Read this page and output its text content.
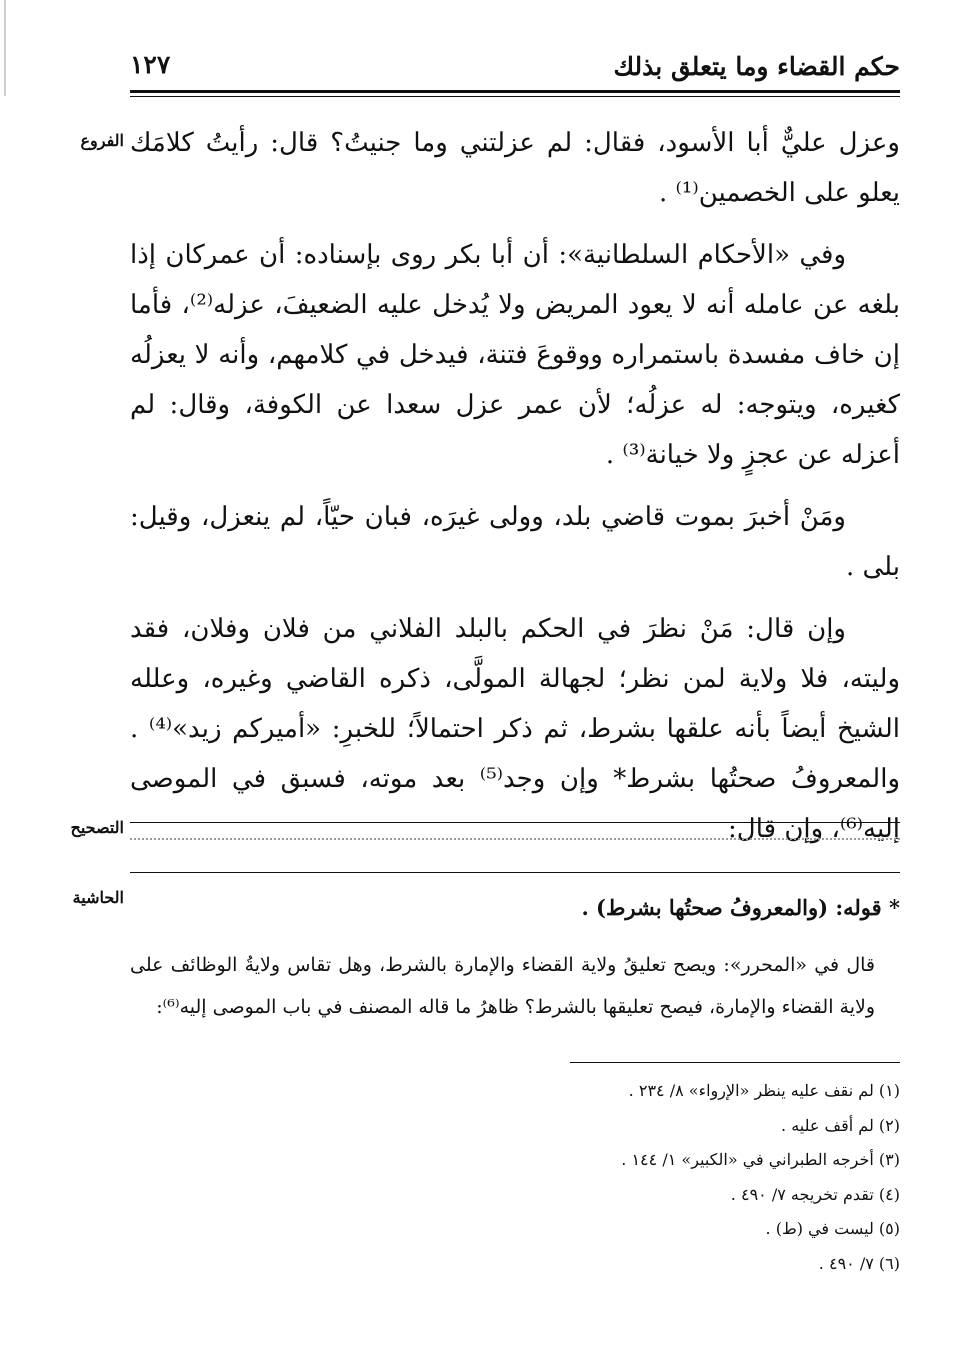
حكم القضاء وما يتعلق بذلك
١٢٧
الفروع وعزل عليٌّ أبا الأسود، فقال: لم عزلتني وما جنيتُ؟ قال: رأيتُ كلامَك يعلو على الخصمين⁽¹⁾ .

وفي «الأحكام السلطانية»: أن أبا بكر روى بإسناده: أن عمركان إذا بلغه عن عامله أنه لا يعود المريض ولا يُدخل عليه الضعيفَ، عزله⁽²⁾، فأما إن خاف مفسدة باستمراره ووقوعَ فتنة، فيدخل في كلامهم، وأنه لا يعزلُه كغيره، ويتوجه: له عزلُه؛ لأن عمر عزل سعدا عن الكوفة، وقال: لم أعزله عن عجزٍ ولا خيانة⁽³⁾ .

ومَنْ أخبرَ بموت قاضي بلد، وولى غيرَه، فبان حيّاً، لم ينعزل، وقيل: بلى .

وإن قال: مَنْ نظرَ في الحكم بالبلد الفلاني من فلان وفلان، فقد وليته، فلا ولاية لمن نظر؛ لجهالة المولَّى، ذكره القاضي وغيره، وعلله الشيخ أيضاً بأنه علقها بشرط، ثم ذكر احتمالاً؛ للخبرِ: «أميركم زيد»⁽⁴⁾ . والمعروفُ صحتُها بشرط* وإن وجد⁽⁵⁾ بعد موته، فسبق في الموصى إليه⁽⁶⁾، وإن قال:

التصحيح
الحاشية	* قوله: (والمعروفُ صحتُها بشرط) .
قال في «المحرر»: ويصح تعليقُ ولاية القضاء والإمارة بالشرط، وهل تقاس ولايةُ الوظائف على ولاية القضاء والإمارة، فيصح تعليقها بالشرط؟ ظاهرُ ما قاله المصنف في باب الموصى إليه⁽⁶⁾:
(١) لم نقف عليه ينظر «الإرواء» ٨/ ٢٣٤ .
(٢) لم أقف عليه .
(٣) أخرجه الطبراني في «الكبير» ١/ ١٤٤ .
(٤) تقدم تخريجه ٧/ ٤٩٠ .
(٥) ليست في (ط) .
(٦) ٧/ ٤٩٠ .
